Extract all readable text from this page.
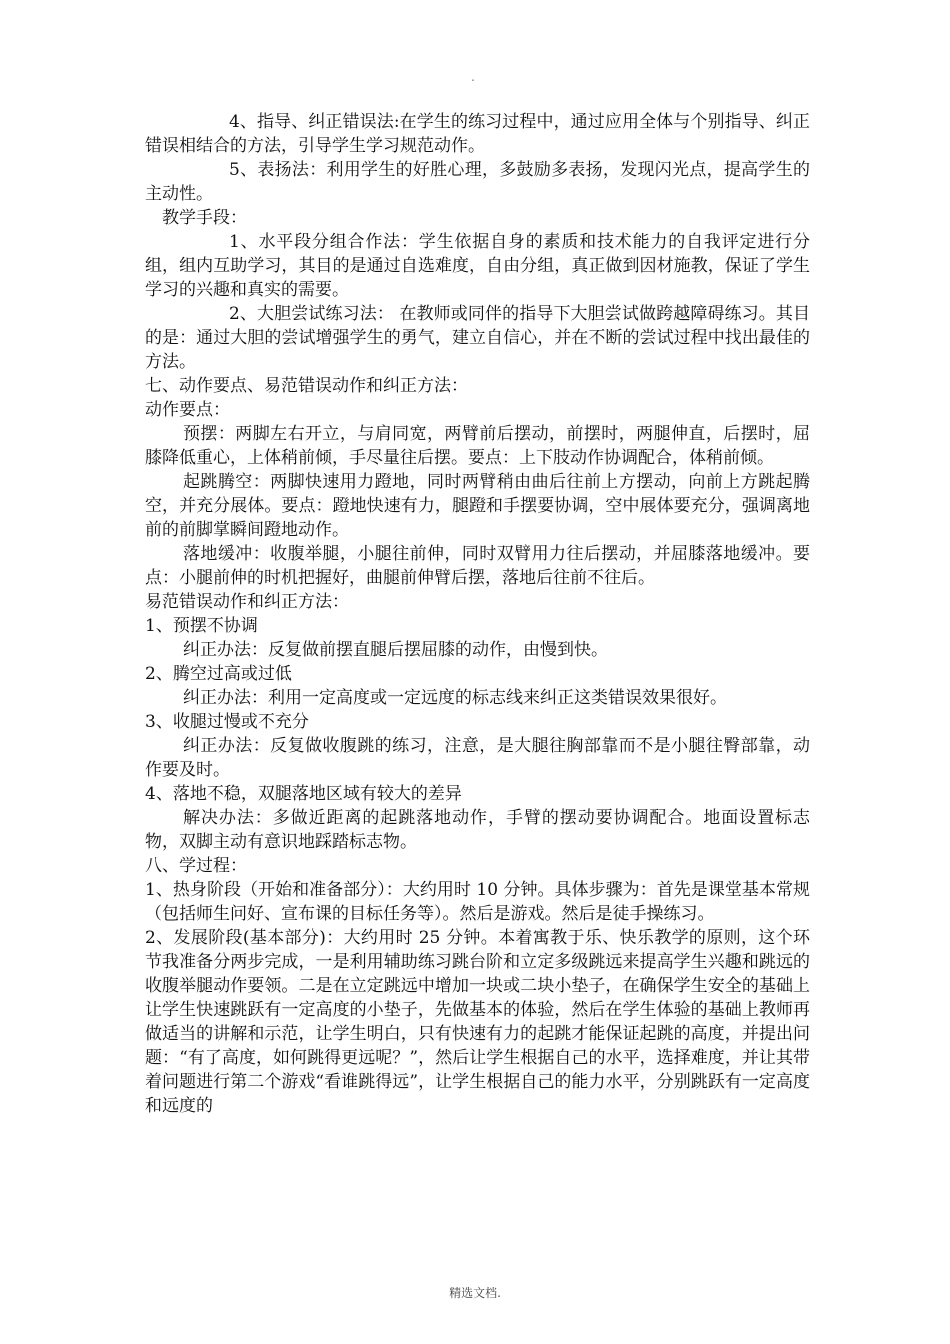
.

4、指导、纠正错误法:在学生的练习过程中，通过应用全体与个别指导、纠正错误相结合的方法，引导学生学习规范动作。

5、表扬法：利用学生的好胜心理，多鼓励多表扬，发现闪光点，提高学生的主动性。

教学手段：

1、水平段分组合作法：学生依据自身的素质和技术能力的自我评定进行分组，组内互助学习，其目的是通过自选难度，自由分组，真正做到因材施教，保证了学生学习的兴趣和真实的需要。

2、大胆尝试练习法： 在教师或同伴的指导下大胆尝试做跨越障碍练习。其目的是：通过大胆的尝试增强学生的勇气，建立自信心，并在不断的尝试过程中找出最佳的方法。

七、动作要点、易范错误动作和纠正方法：

动作要点：

预摆：两脚左右开立，与肩同宽，两臂前后摆动，前摆时，两腿伸直，后摆时，屈膝降低重心，上体稍前倾，手尽量往后摆。要点：上下肢动作协调配合，体稍前倾。

起跳腾空：两脚快速用力蹬地，同时两臂稍由曲后往前上方摆动，向前上方跳起腾空，并充分展体。要点：蹬地快速有力，腿蹬和手摆要协调，空中展体要充分，强调离地前的前脚掌瞬间蹬地动作。

落地缓冲：收腹举腿，小腿往前伸，同时双臂用力往后摆动，并屈膝落地缓冲。要点：小腿前伸的时机把握好，曲腿前伸臂后摆，落地后往前不往后。

易范错误动作和纠正方法：

1、预摆不协调

纠正办法：反复做前摆直腿后摆屈膝的动作，由慢到快。

2、腾空过高或过低

纠正办法：利用一定高度或一定远度的标志线来纠正这类错误效果很好。

3、收腿过慢或不充分

纠正办法：反复做收腹跳的练习，注意，是大腿往胸部靠而不是小腿往臀部靠，动作要及时。

4、落地不稳，双腿落地区域有较大的差异

解决办法：多做近距离的起跳落地动作，手臂的摆动要协调配合。地面设置标志物，双脚主动有意识地踩踏标志物。

八、学过程：

1、热身阶段（开始和准备部分）：大约用时 10 分钟。具体步骤为：首先是课堂基本常规（包括师生问好、宣布课的目标任务等）。然后是游戏。然后是徒手操练习。

2、发展阶段(基本部分)：大约用时 25 分钟。本着寓教于乐、快乐教学的原则，这个环节我准备分两步完成，一是利用辅助练习跳台阶和立定多级跳远来提高学生兴趣和跳远的收腹举腿动作要领。二是在立定跳远中增加一块或二块小垫子，在确保学生安全的基础上让学生快速跳跃有一定高度的小垫子，先做基本的体验，然后在学生体验的基础上教师再做适当的讲解和示范，让学生明白，只有快速有力的起跳才能保证起跳的高度，并提出问题：“有了高度，如何跳得更远呢？”，然后让学生根据自己的水平，选择难度，并让其带着问题进行第二个游戏“看谁跳得远”，让学生根据自己的能力水平，分别跳跃有一定高度和远度的

精选文档.
